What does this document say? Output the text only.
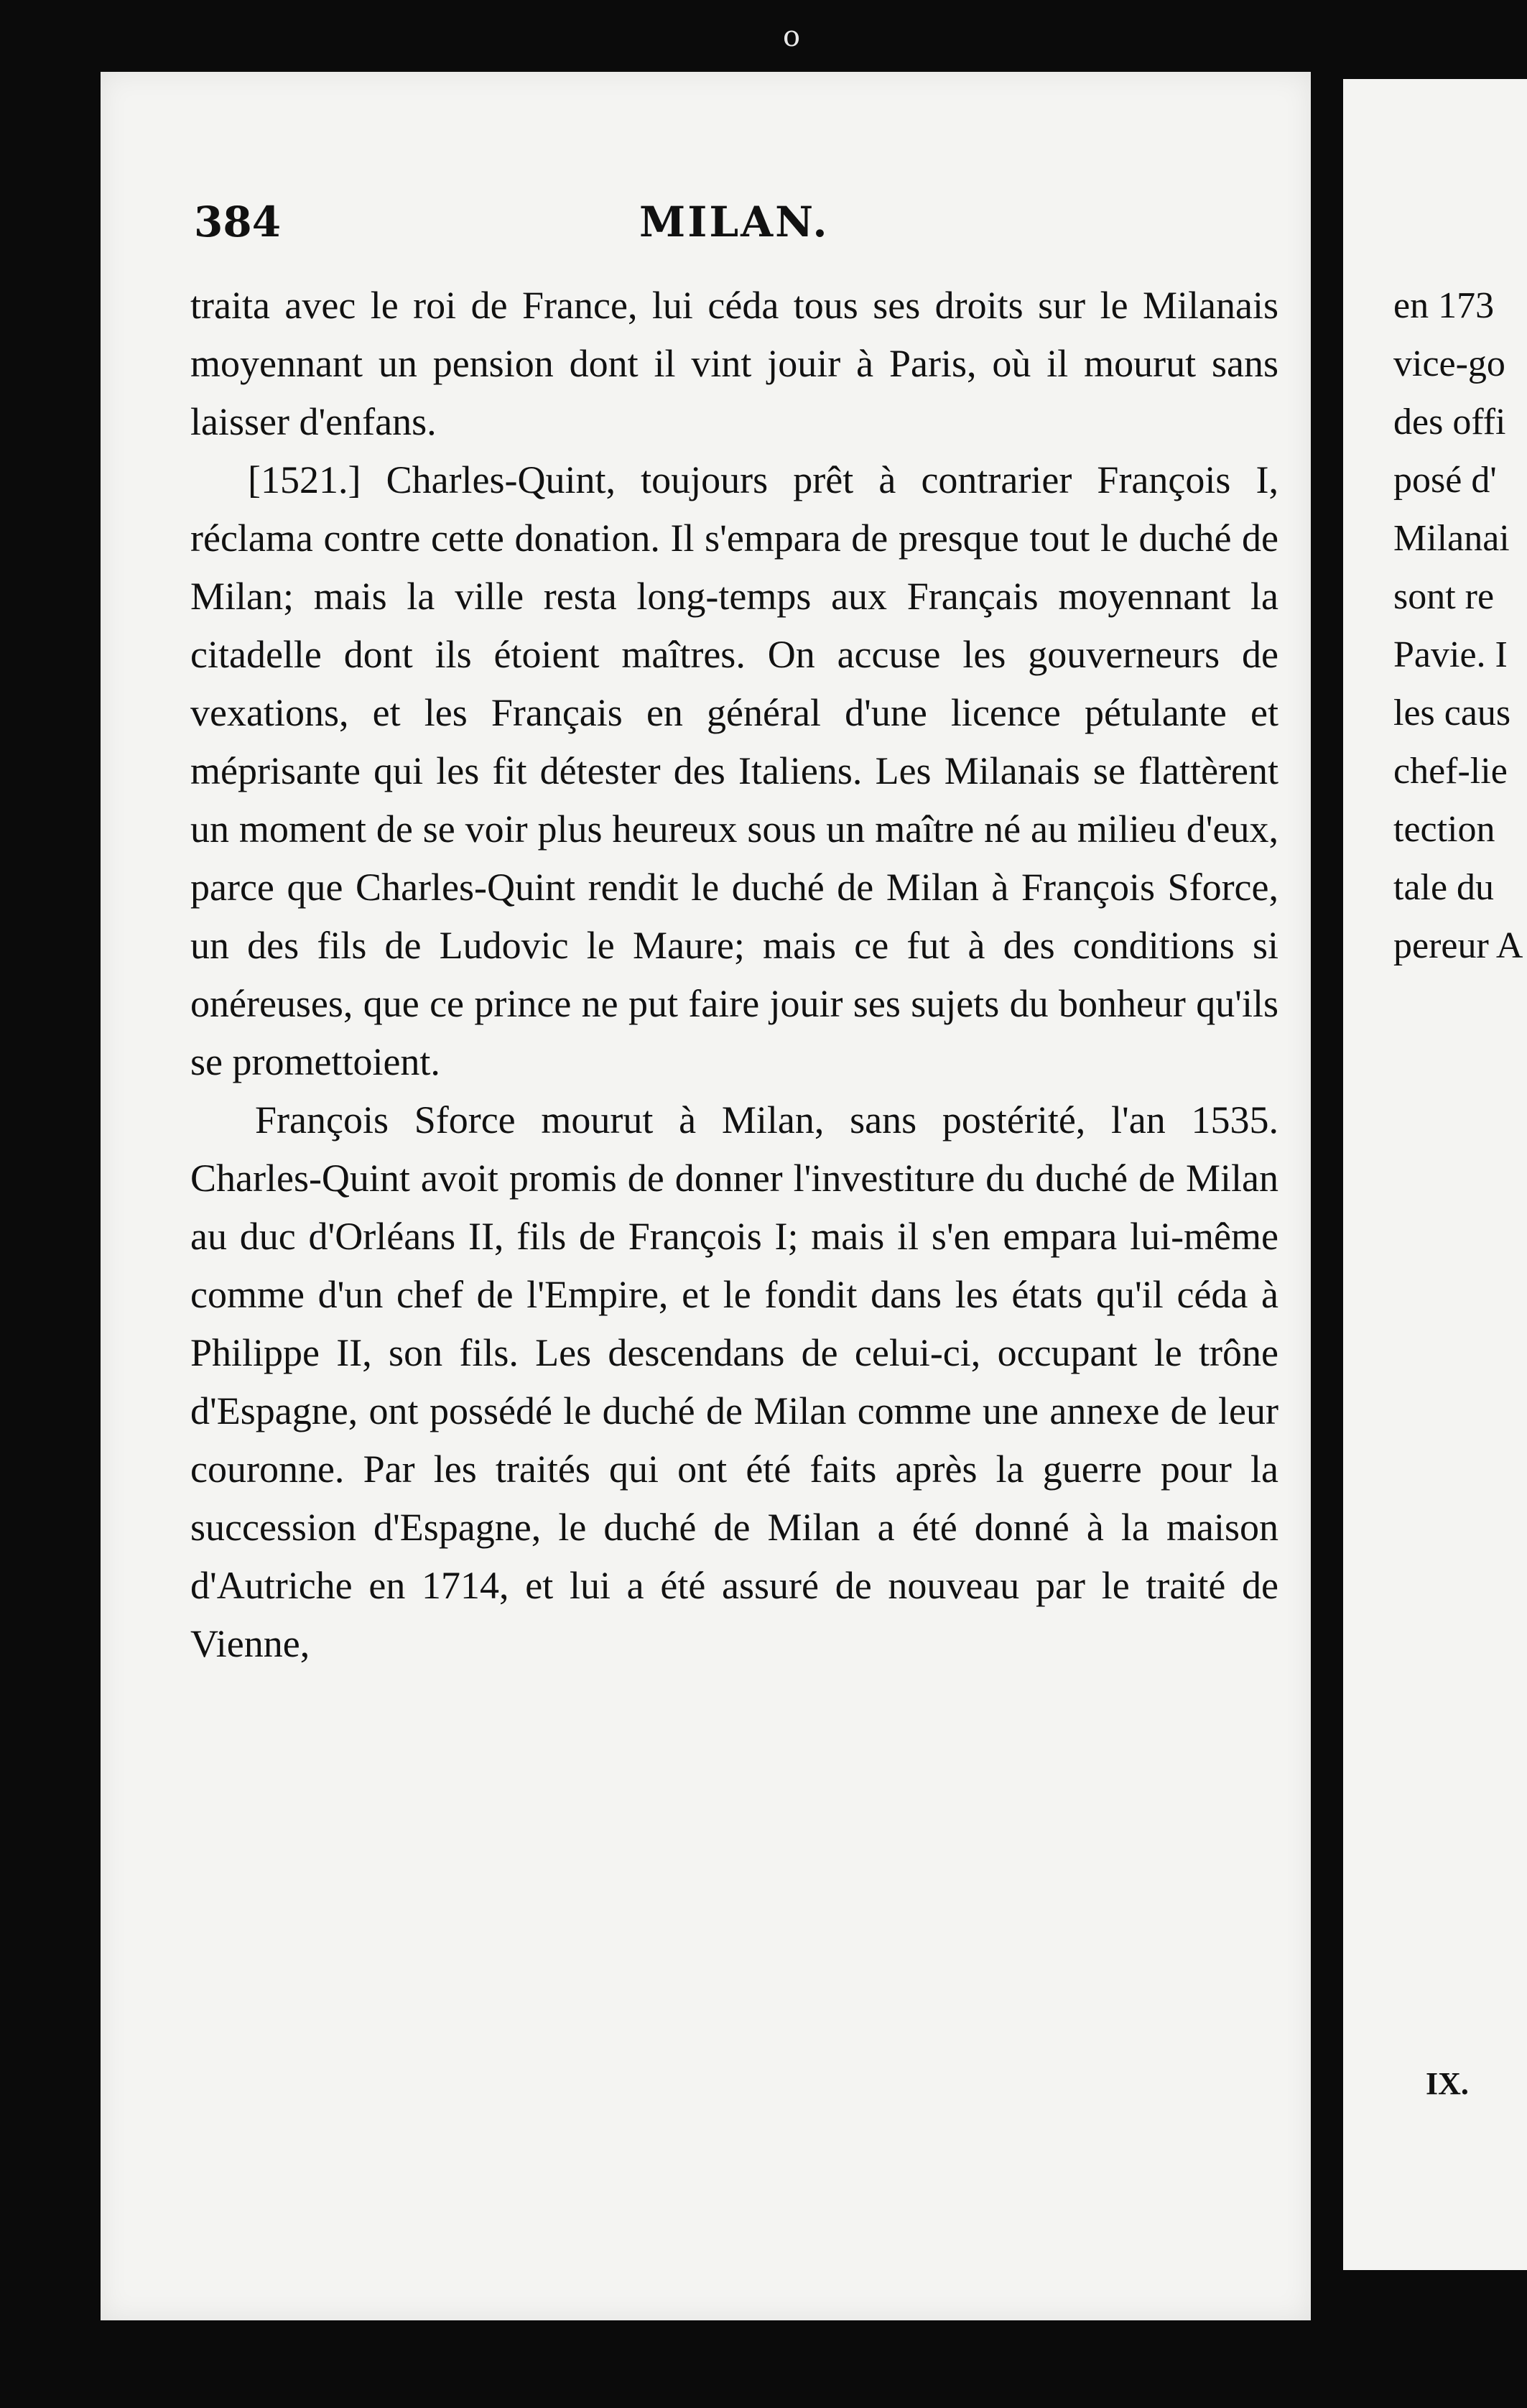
o
384	MILAN.

traita avec le roi de France, lui céda tous ses droits sur le Milanais moyennant un pension dont il vint jouir à Paris, où il mourut sans laisser d'enfans.

[1521.] Charles-Quint, toujours prêt à contrarier François I, réclama contre cette donation. Il s'empara de presque tout le duché de Milan; mais la ville resta long-temps aux Français moyennant la citadelle dont ils étoient maîtres. On accuse les gouverneurs de vexations, et les Français en général d'une licence pétulante et méprisante qui les fit détester des Italiens. Les Milanais se flattèrent un moment de se voir plus heureux sous un maître né au milieu d'eux, parce que Charles-Quint rendit le duché de Milan à François Sforce, un des fils de Ludovic le Maure; mais ce fut à des conditions si onéreuses, que ce prince ne put faire jouir ses sujets du bonheur qu'ils se promettoient.

François Sforce mourut à Milan, sans postérité, l'an 1535. Charles-Quint avoit promis de donner l'investiture du duché de Milan au duc d'Orléans II, fils de François I; mais il s'en empara lui-même comme d'un chef de l'Empire, et le fondit dans les états qu'il céda à Philippe II, son fils. Les descendans de celui-ci, occupant le trône d'Espagne, ont possédé le duché de Milan comme une annexe de leur couronne. Par les traités qui ont été faits après la guerre pour la succession d'Espagne, le duché de Milan a été donné à la maison d'Autriche en 1714, et lui a été assuré de nouveau par le traité de Vienne,

en 173
vice-go
des offi
posé d'
Milanai
sont re
Pavie. I
les caus
chef-lie
tection
tale du
pereur A
IX.
